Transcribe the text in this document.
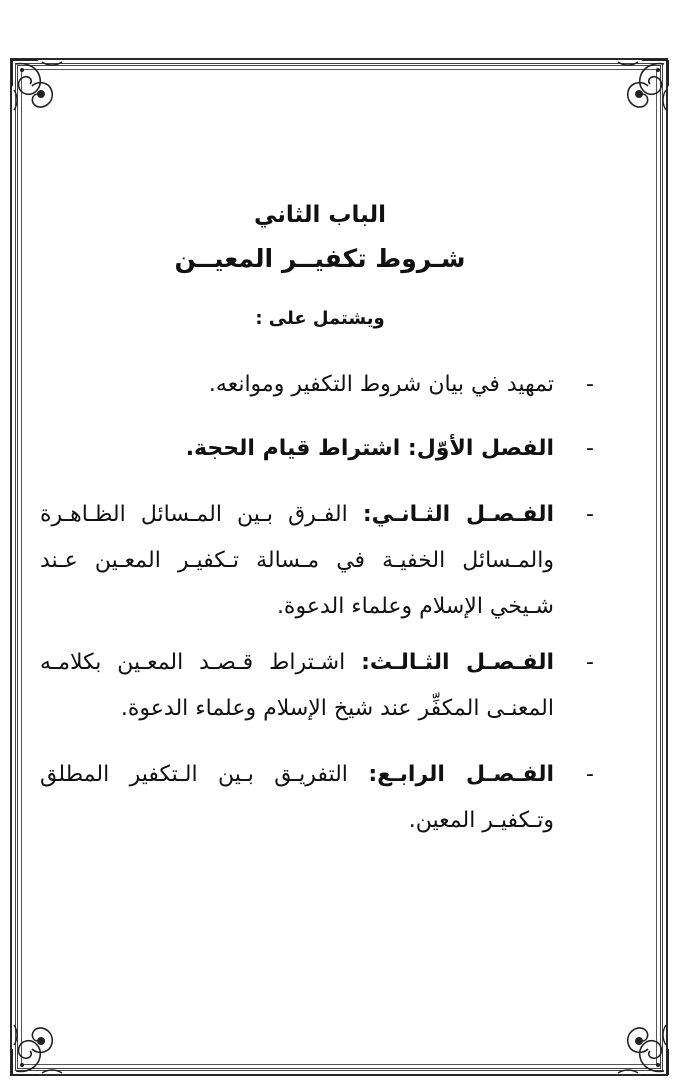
الباب الثاني
شـروط تكفيــر المعيــن
ويشتمل على :
-
تمهيد في بيان شروط التكفير وموانعه.
-
الفصل الأوّل: اشتراط قيام الحجة.
-
الفـصـل الثـانـي: الفـرق بـين المـسائل الظـاهـرة والمـسائل الخفيـة في مـسالة تـكفيـر المعـين عـند شـيخي الإسلام وعلماء الدعوة.
-
الفـصـل الثـالـث: اشـتراط قـصـد المعـين بكلامـه المعنـى المكفِّر عند شيخ الإسلام وعلماء الدعوة.
-
الفـصـل الرابـع: التفريـق بـين الـتكفير المطلق وتـكفيـر المعين.
